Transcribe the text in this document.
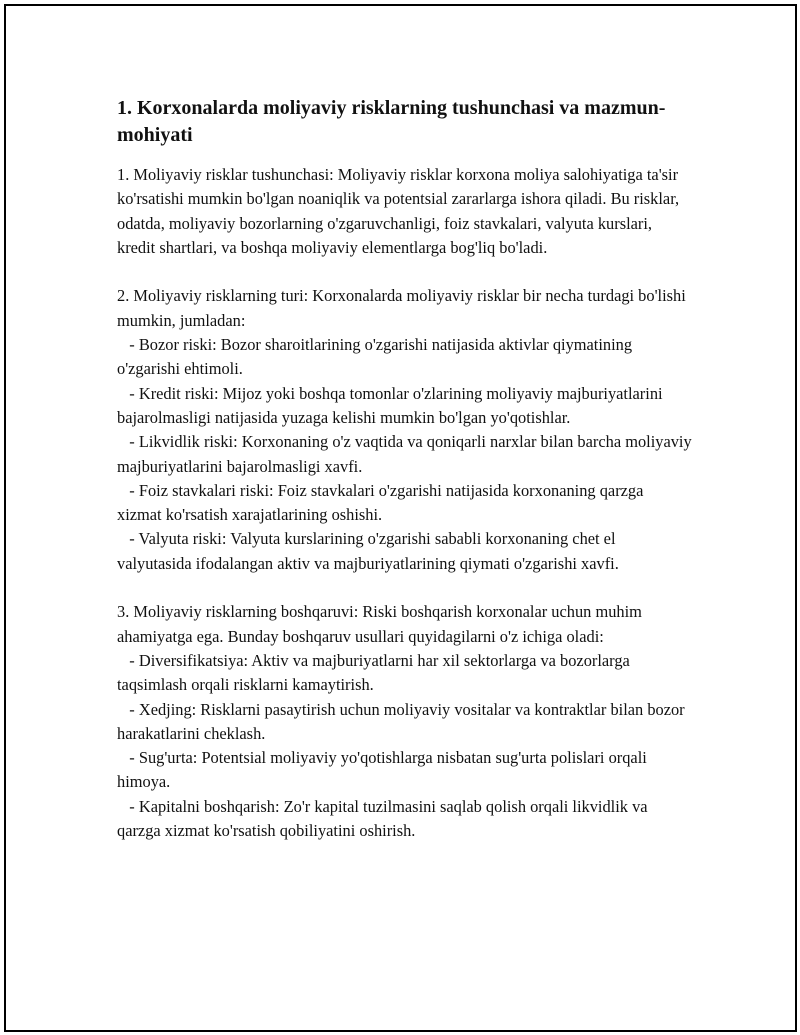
1. Korxonalarda moliyaviy risklarning tushunchasi va mazmun-mohiyati
1. Moliyaviy risklar tushunchasi: Moliyaviy risklar korxona moliya salohiyatiga ta'sir ko'rsatishi mumkin bo'lgan noaniqlik va potentsial zararlarga ishora qiladi. Bu risklar, odatda, moliyaviy bozorlarning o'zgaruvchanligi, foiz stavkalari, valyuta kurslari, kredit shartlari, va boshqa moliyaviy elementlarga bog'liq bo'ladi.
2. Moliyaviy risklarning turi: Korxonalarda moliyaviy risklar bir necha turdagi bo'lishi mumkin, jumladan:
- Bozor riski: Bozor sharoitlarining o'zgarishi natijasida aktivlar qiymatining o'zgarishi ehtimoli.
- Kredit riski: Mijoz yoki boshqa tomonlar o'zlarining moliyaviy majburiyatlarini bajarolmasligi natijasida yuzaga kelishi mumkin bo'lgan yo'qotishlar.
- Likvidlik riski: Korxonaning o'z vaqtida va qoniqarli narxlar bilan barcha moliyaviy majburiyatlarini bajarolmasligi xavfi.
- Foiz stavkalari riski: Foiz stavkalari o'zgarishi natijasida korxonaning qarzga xizmat ko'rsatish xarajatlarining oshishi.
- Valyuta riski: Valyuta kurslarining o'zgarishi sababli korxonaning chet el valyutasida ifodalangan aktiv va majburiyatlarining qiymati o'zgarishi xavfi.
3. Moliyaviy risklarning boshqaruvi: Riski boshqarish korxonalar uchun muhim ahamiyatga ega. Bunday boshqaruv usullari quyidagilarni o'z ichiga oladi:
- Diversifikatsiya: Aktiv va majburiyatlarni har xil sektorlarga va bozorlarga taqsimlash orqali risklarni kamaytirish.
- Xedjing: Risklarni pasaytirish uchun moliyaviy vositalar va kontraktlar bilan bozor harakatlarini cheklash.
- Sug'urta: Potentsial moliyaviy yo'qotishlarga nisbatan sug'urta polislari orqali himoya.
- Kapitalni boshqarish: Zo'r kapital tuzilmasini saqlab qolish orqali likvidlik va qarzga xizmat ko'rsatish qobiliyatini oshirish.
